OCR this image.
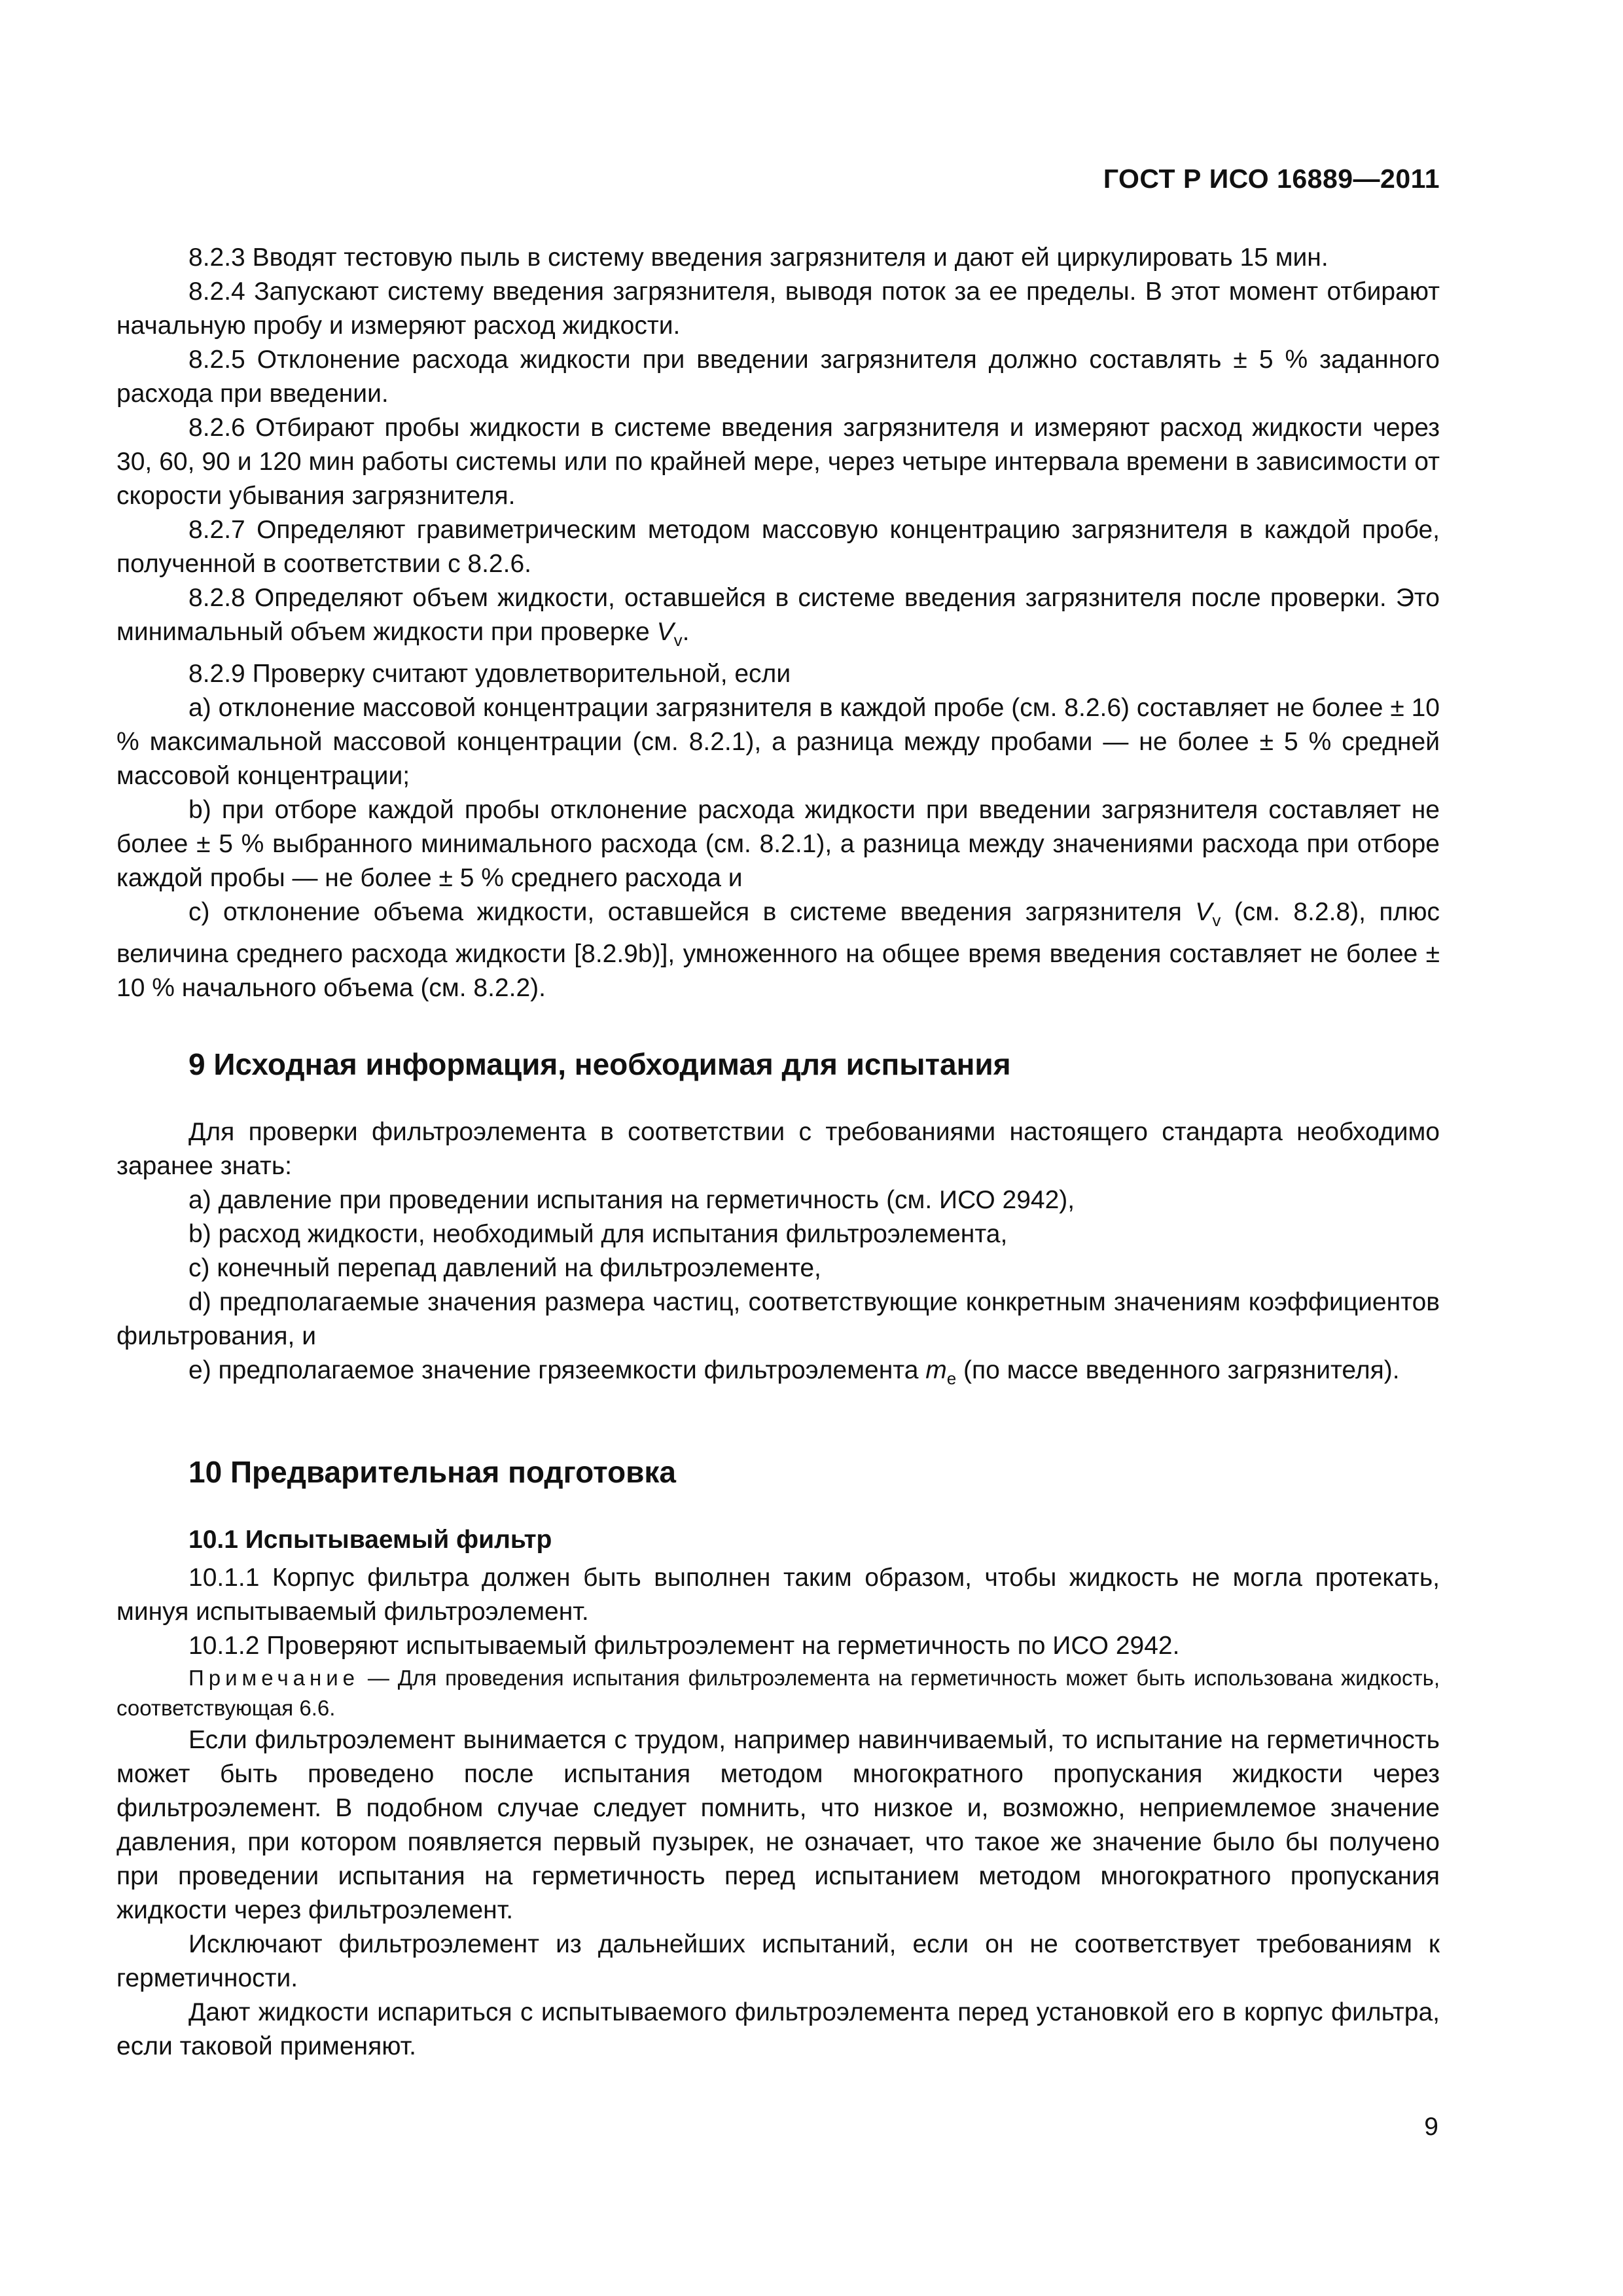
ГОСТ Р ИСО 16889—2011

8.2.3 Вводят тестовую пыль в систему введения загрязнителя и дают ей циркулировать 15 мин.

8.2.4 Запускают систему введения загрязнителя, выводя поток за ее пределы. В этот момент отбирают начальную пробу и измеряют расход жидкости.

8.2.5 Отклонение расхода жидкости при введении загрязнителя должно составлять ± 5 % заданного расхода при введении.

8.2.6 Отбирают пробы жидкости в системе введения загрязнителя и измеряют расход жидкости через 30, 60, 90 и 120 мин работы системы или по крайней мере, через четыре интервала времени в зависимости от скорости убывания загрязнителя.

8.2.7 Определяют гравиметрическим методом массовую концентрацию загрязнителя в каждой пробе, полученной в соответствии с 8.2.6.

8.2.8 Определяют объем жидкости, оставшейся в системе введения загрязнителя после проверки. Это минимальный объем жидкости при проверке $V_v$.

8.2.9 Проверку считают удовлетворительной, если

a) отклонение массовой концентрации загрязнителя в каждой пробе (см. 8.2.6) составляет не более ± 10 % максимальной массовой концентрации (см. 8.2.1), а разница между пробами — не более ± 5 % средней массовой концентрации;

b) при отборе каждой пробы отклонение расхода жидкости при введении загрязнителя составляет не более ± 5 % выбранного минимального расхода (см. 8.2.1), а разница между значениями расхода при отборе каждой пробы — не более ± 5 % среднего расхода и

c) отклонение объема жидкости, оставшейся в системе введения загрязнителя $V_v$ (см. 8.2.8), плюс величина среднего расхода жидкости [8.2.9b)], умноженного на общее время введения составляет не более ± 10 % начального объема (см. 8.2.2).

9 Исходная информация, необходимая для испытания

Для проверки фильтроэлемента в соответствии с требованиями настоящего стандарта необходимо заранее знать:

a) давление при проведении испытания на герметичность (см. ИСО 2942),

b) расход жидкости, необходимый для испытания фильтроэлемента,

c) конечный перепад давлений на фильтроэлементе,

d) предполагаемые значения размера частиц, соответствующие конкретным значениям коэффициентов фильтрования, и

e) предполагаемое значение грязеемкости фильтроэлемента $m_e$ (по массе введенного загрязнителя).

10 Предварительная подготовка
10.1 Испытываемый фильтр

10.1.1 Корпус фильтра должен быть выполнен таким образом, чтобы жидкость не могла протекать, минуя испытываемый фильтроэлемент.

10.1.2 Проверяют испытываемый фильтроэлемент на герметичность по ИСО 2942.

Примечание — Для проведения испытания фильтроэлемента на герметичность может быть использована жидкость, соответствующая 6.6.

Если фильтроэлемент вынимается с трудом, например навинчиваемый, то испытание на герметичность может быть проведено после испытания методом многократного пропускания жидкости через фильтроэлемент. В подобном случае следует помнить, что низкое и, возможно, неприемлемое значение давления, при котором появляется первый пузырек, не означает, что такое же значение было бы получено при проведении испытания на герметичность перед испытанием методом многократного пропускания жидкости через фильтроэлемент.

Исключают фильтроэлемент из дальнейших испытаний, если он не соответствует требованиям к герметичности.

Дают жидкости испариться с испытываемого фильтроэлемента перед установкой его в корпус фильтра, если таковой применяют.

9
